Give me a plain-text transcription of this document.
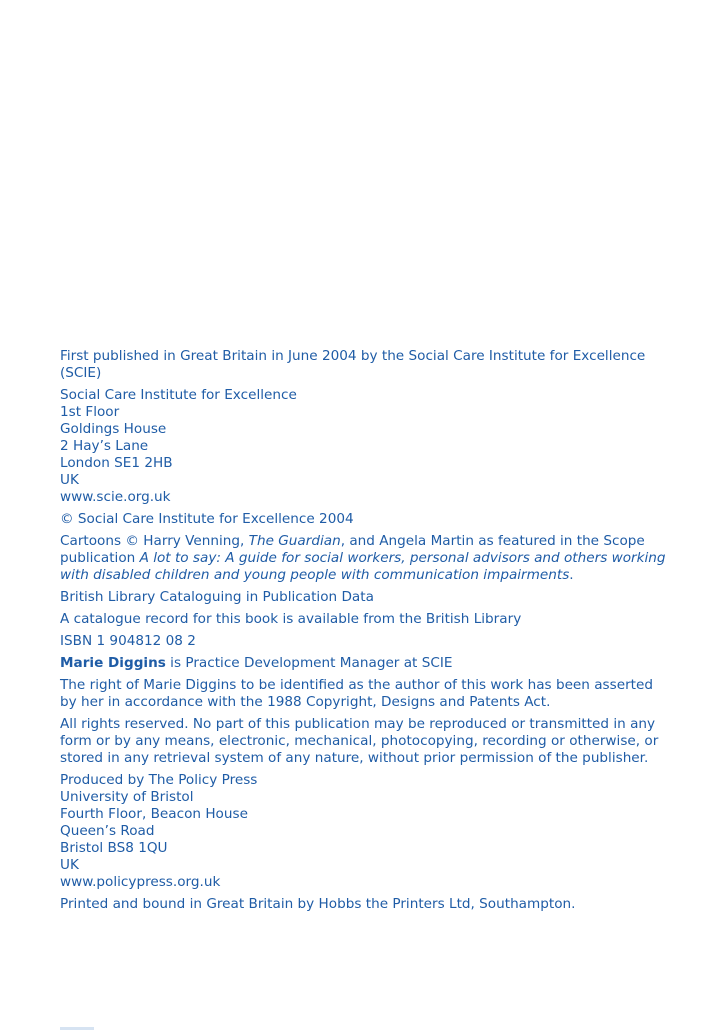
First published in Great Britain in June 2004 by the Social Care Institute for Excellence (SCIE)

Social Care Institute for Excellence
1st Floor
Goldings House
2 Hay’s Lane
London SE1 2HB
UK
www.scie.org.uk

© Social Care Institute for Excellence 2004

Cartoons © Harry Venning, The Guardian, and Angela Martin as featured in the Scope publication A lot to say: A guide for social workers, personal advisors and others working with disabled children and young people with communication impairments.

British Library Cataloguing in Publication Data

A catalogue record for this book is available from the British Library

ISBN 1 904812 08 2

Marie Diggins is Practice Development Manager at SCIE

The right of Marie Diggins to be identified as the author of this work has been asserted by her in accordance with the 1988 Copyright, Designs and Patents Act.

All rights reserved. No part of this publication may be reproduced or transmitted in any form or by any means, electronic, mechanical, photocopying, recording or otherwise, or stored in any retrieval system of any nature, without prior permission of the publisher.

Produced by The Policy Press
University of Bristol
Fourth Floor, Beacon House
Queen’s Road
Bristol BS8 1QU
UK
www.policypress.org.uk

Printed and bound in Great Britain by Hobbs the Printers Ltd, Southampton.
